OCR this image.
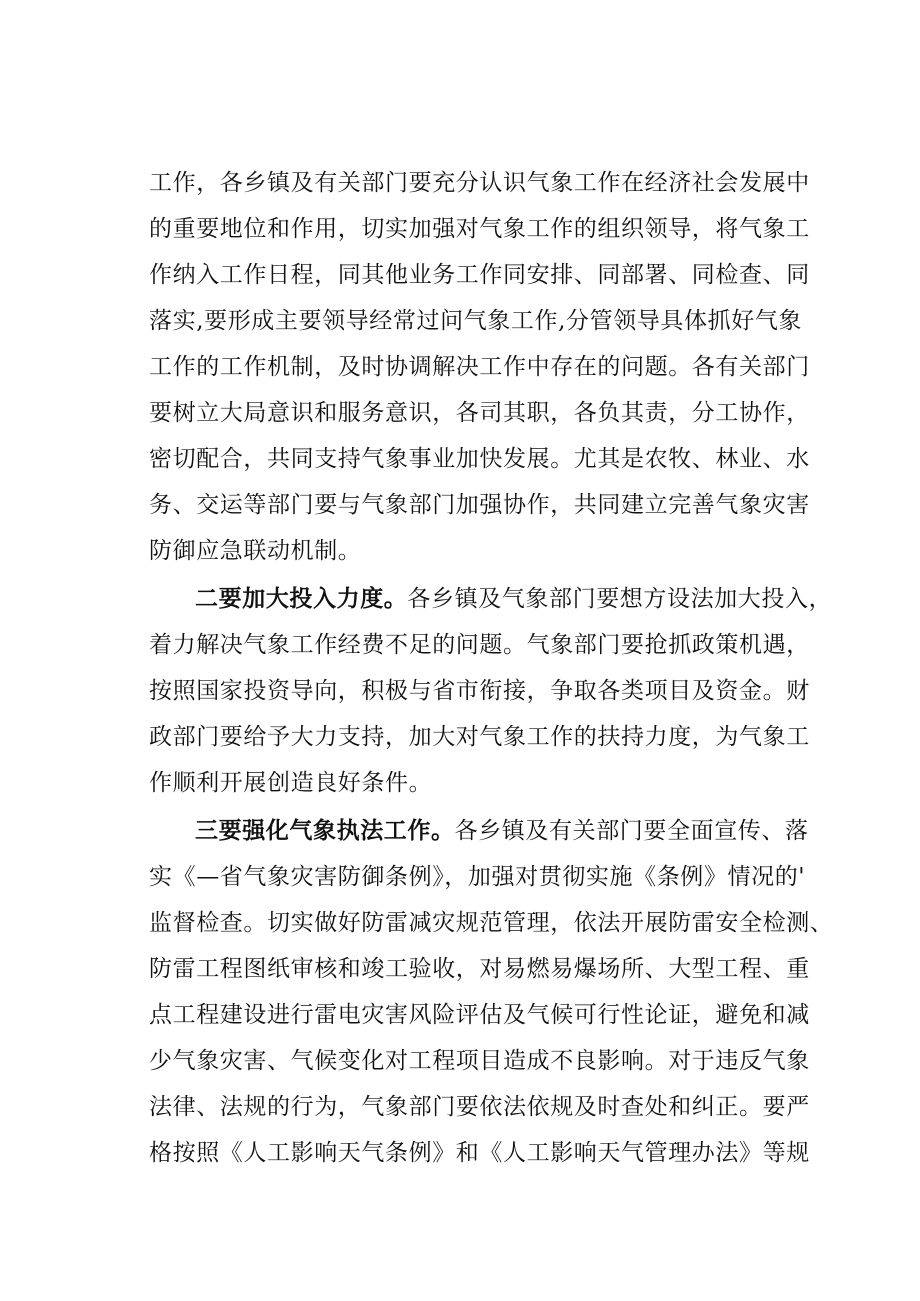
工作，各乡镇及有关部门要充分认识气象工作在经济社会发展中
的重要地位和作用，切实加强对气象工作的组织领导，将气象工
作纳入工作日程，同其他业务工作同安排、同部署、同检查、同
落实,要形成主要领导经常过问气象工作,分管领导具体抓好气象
工作的工作机制，及时协调解决工作中存在的问题。各有关部门
要树立大局意识和服务意识，各司其职，各负其责，分工协作，
密切配合，共同支持气象事业加快发展。尤其是农牧、林业、水
务、交运等部门要与气象部门加强协作，共同建立完善气象灾害
防御应急联动机制。
二要加大投入力度。各乡镇及气象部门要想方设法加大投入，
着力解决气象工作经费不足的问题。气象部门要抢抓政策机遇，
按照国家投资导向，积极与省市衔接，争取各类项目及资金。财
政部门要给予大力支持，加大对气象工作的扶持力度，为气象工
作顺利开展创造良好条件。
三要强化气象执法工作。各乡镇及有关部门要全面宣传、落
实《—省气象灾害防御条例》，加强对贯彻实施《条例》情况的'
监督检查。切实做好防雷减灾规范管理，依法开展防雷安全检测、
防雷工程图纸审核和竣工验收，对易燃易爆场所、大型工程、重
点工程建设进行雷电灾害风险评估及气候可行性论证，避免和减
少气象灾害、气候变化对工程项目造成不良影响。对于违反气象
法律、法规的行为，气象部门要依法依规及时查处和纠正。要严
格按照《人工影响天气条例》和《人工影响天气管理办法》等规
